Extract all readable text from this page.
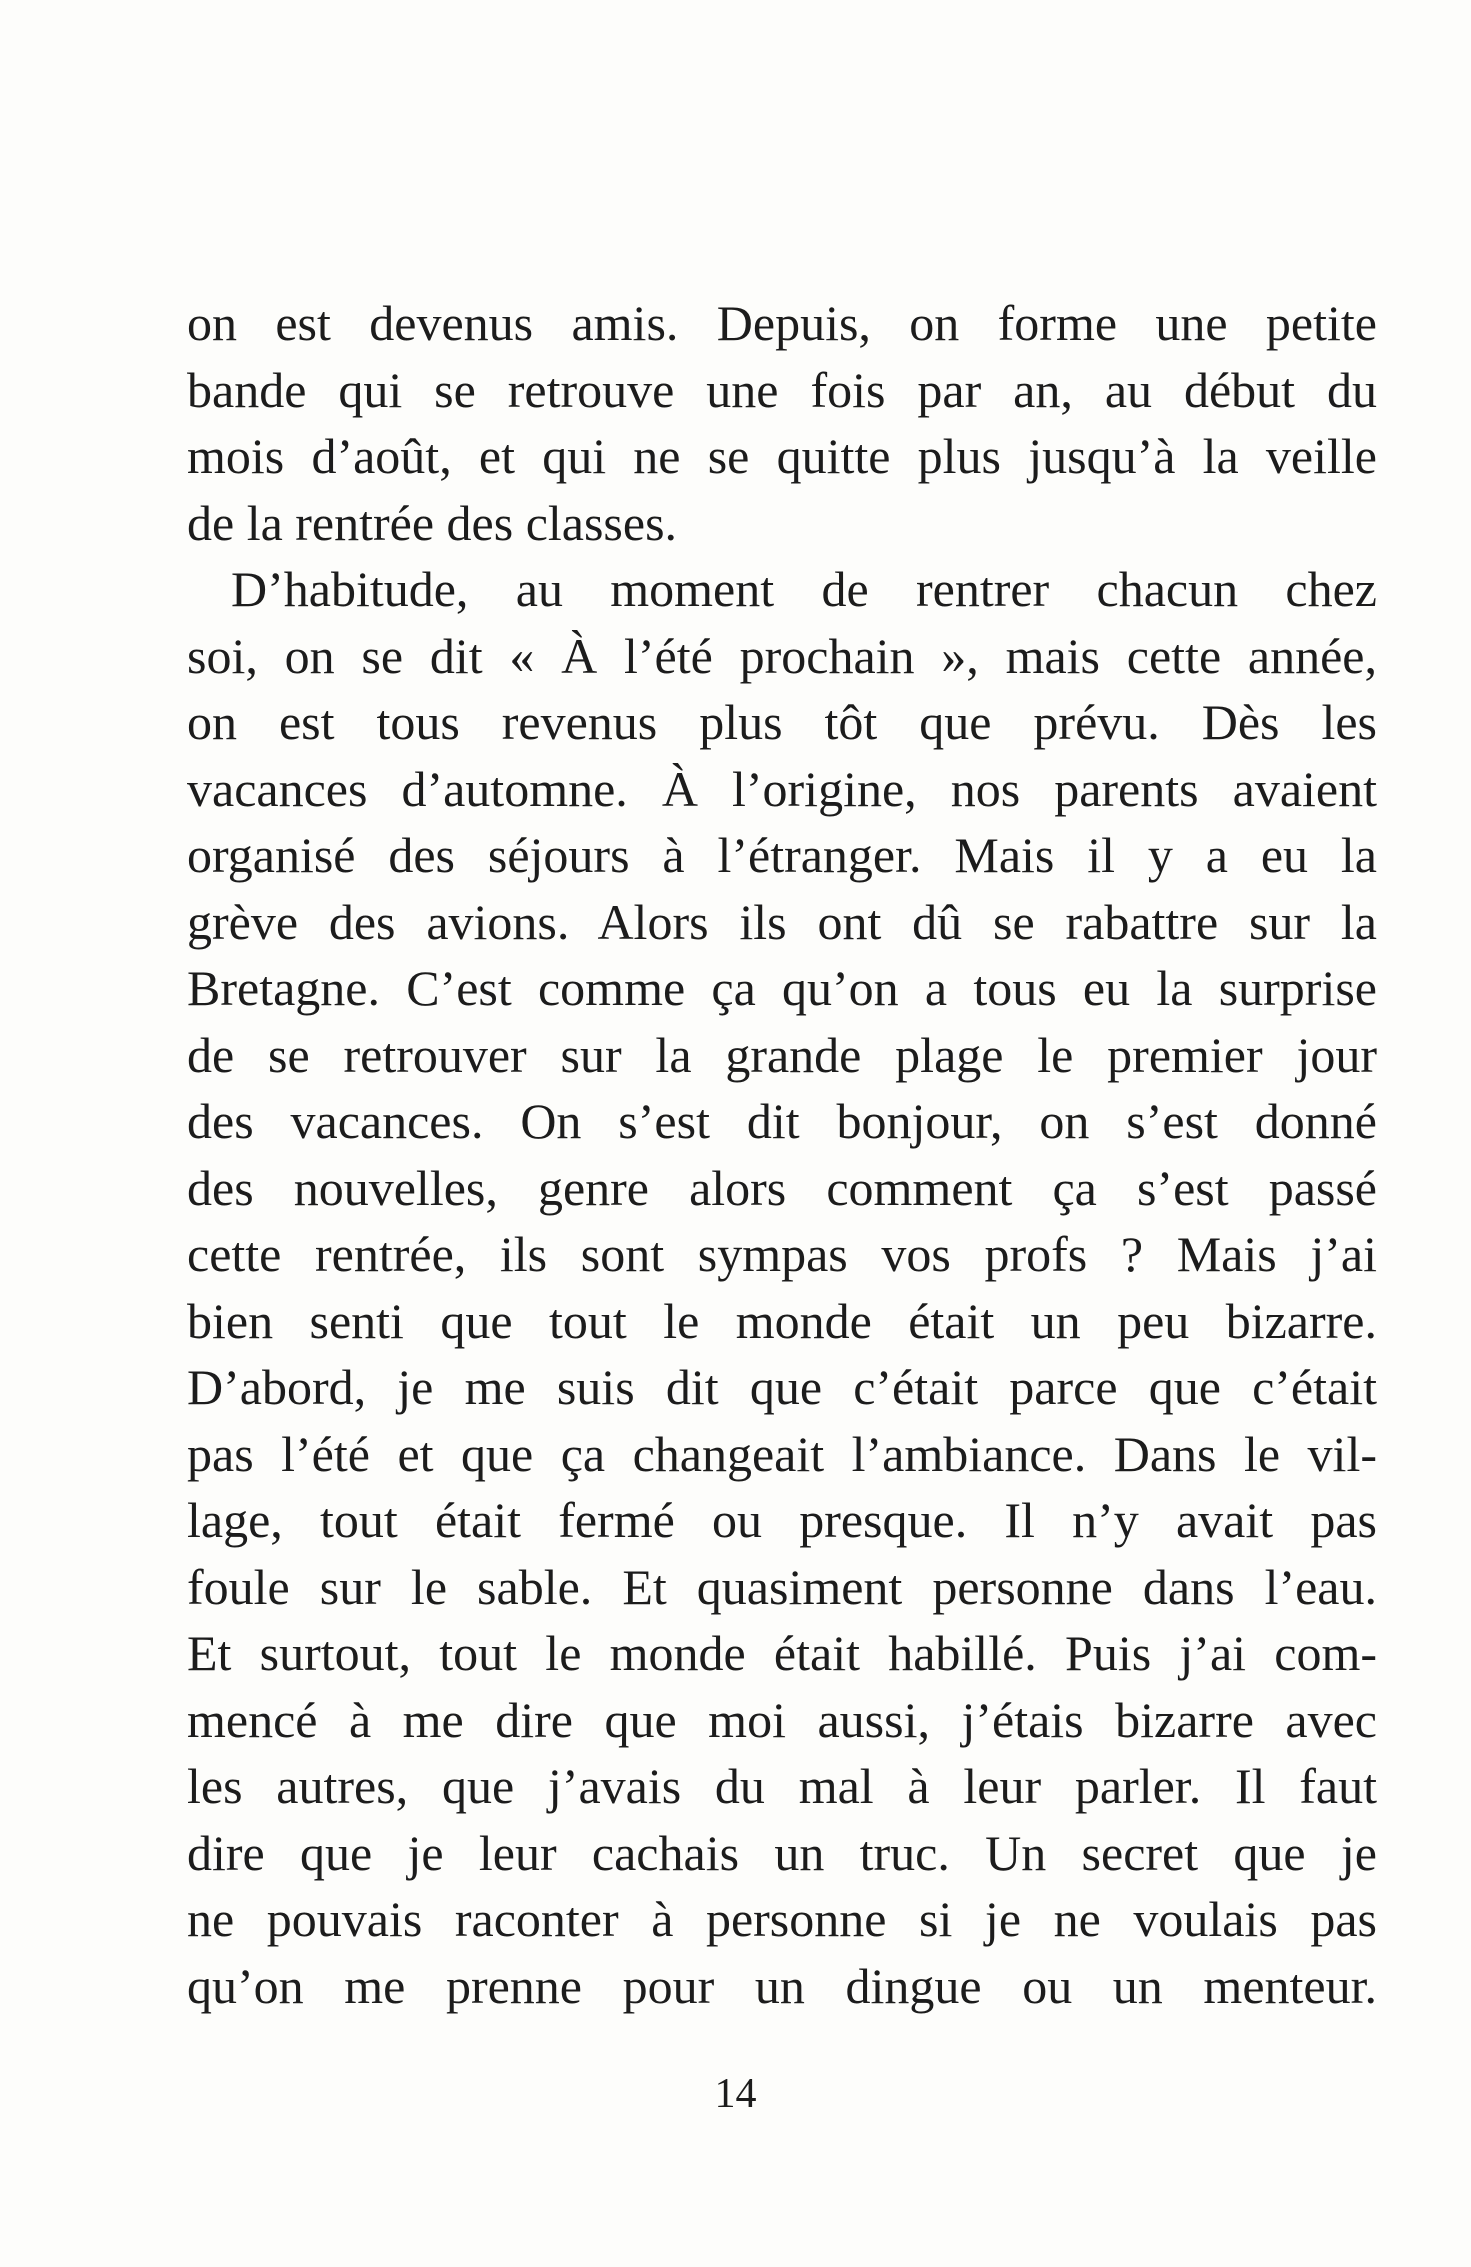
on est devenus amis. Depuis, on forme une petite
bande qui se retrouve une fois par an, au début du
mois d’août, et qui ne se quitte plus jusqu’à la veille
de la rentrée des classes.

D’habitude, au moment de rentrer chacun chez
soi, on se dit « À l’été prochain », mais cette année,
on est tous revenus plus tôt que prévu. Dès les
vacances d’automne. À l’origine, nos parents avaient
organisé des séjours à l’étranger. Mais il y a eu la
grève des avions. Alors ils ont dû se rabattre sur la
Bretagne. C’est comme ça qu’on a tous eu la surprise
de se retrouver sur la grande plage le premier jour
des vacances. On s’est dit bonjour, on s’est donné
des nouvelles, genre alors comment ça s’est passé
cette rentrée, ils sont sympas vos profs ? Mais j’ai
bien senti que tout le monde était un peu bizarre.
D’abord, je me suis dit que c’était parce que c’était
pas l’été et que ça changeait l’ambiance. Dans le vil-
lage, tout était fermé ou presque. Il n’y avait pas
foule sur le sable. Et quasiment personne dans l’eau.
Et surtout, tout le monde était habillé. Puis j’ai com-
mencé à me dire que moi aussi, j’étais bizarre avec
les autres, que j’avais du mal à leur parler. Il faut
dire que je leur cachais un truc. Un secret que je
ne pouvais raconter à personne si je ne voulais pas
qu’on me prenne pour un dingue ou un menteur.

14
